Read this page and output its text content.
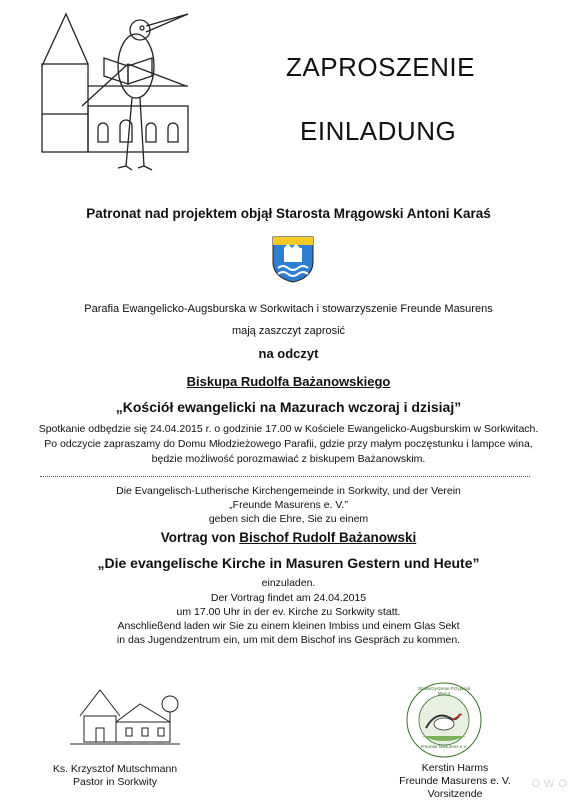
ZAPROSZENIE
EINLADUNG
Patronat nad projektem objął Starosta Mrągowski Antoni Karaś
Parafia Ewangelicko-Augsburska w Sorkwitach i stowarzyszenie Freunde Masurens
mają zaszczyt zaprosić
na odczyt
Biskupa Rudolfa Bażanowskiego
„Kościół ewangelicki na Mazurach wczoraj i dzisiaj”
Spotkanie odbędzie się 24.04.2015 r. o godzinie 17.00 w Kościele Ewangelicko-Augsburskim w Sorkwitach.
Po odczycie zapraszamy do Domu Młodzieżowego Parafii, gdzie przy małym poczęstunku i lampce wina,
będzie możliwość porozmawiać z biskupem Bażanowskim.
Die Evangelisch-Lutherische Kirchengemeinde in Sorkwity, und der Verein
„Freunde Masurens e. V.”
geben sich die Ehre, Sie zu einem
Vortrag von Bischof Rudolf Bażanowski
„Die evangelische Kirche in Masuren Gestern und Heute”
einzuladen.
Der Vortrag findet am 24.04.2015
um 17.00 Uhr in der ev. Kirche zu Sorkwity statt.
Anschließend laden wir Sie zu einem kleinen Imbiss und einem Glas Sekt
in das Jugendzentrum ein, um mit dem Bischof ins Gespräch zu kommen.
Stowarzyszenie Przyjaciół Mazur
Freunde Masurens e.V.
Ks. Krzysztof Mutschmann
Pastor in Sorkwity
Kerstin Harms
Freunde Masurens e. V.
Vorsitzende
OWO
